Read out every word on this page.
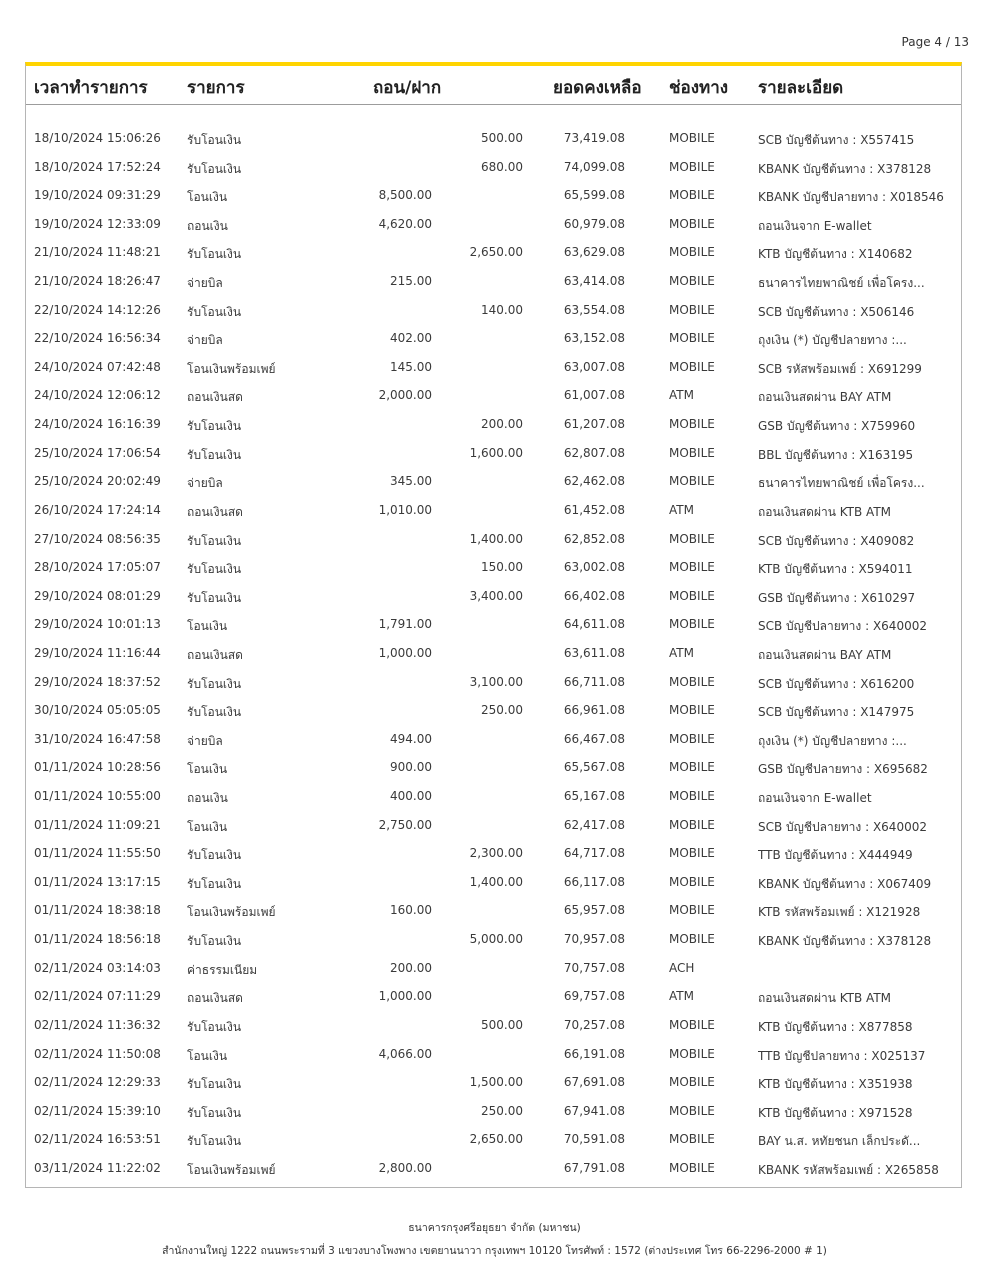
Page 4 / 13
เวลาทำรายการ รายการ	ถอน/ฝาก	ยอดคงเหลือ ช่องทาง รายละเอียด
18/10/2024 15:06:26 รับโอนเงิน	500.00	73,419.08	MOBILE	SCB บัญชีต้นทาง : X557415
18/10/2024 17:52:24 รับโอนเงิน	680.00	74,099.08	MOBILE	KBANK บัญชีต้นทาง : X378128
19/10/2024 09:31:29 โอนเงิน	8,500.00	65,599.08	MOBILE	KBANK บัญชีปลายทาง : X018546
19/10/2024 12:33:09 ถอนเงิน	4,620.00	60,979.08	MOBILE	ถอนเงินจาก E-wallet
21/10/2024 11:48:21 รับโอนเงิน	2,650.00	63,629.08	MOBILE	KTB บัญชีต้นทาง : X140682
21/10/2024 18:26:47 จ่ายบิล	215.00	63,414.08	MOBILE	ธนาคารไทยพาณิชย์ เพื่อโครง...
22/10/2024 14:12:26 รับโอนเงิน	140.00	63,554.08	MOBILE	SCB บัญชีต้นทาง : X506146
22/10/2024 16:56:34 จ่ายบิล	402.00	63,152.08	MOBILE	ถุงเงิน (*) บัญชีปลายทาง :...
24/10/2024 07:42:48 โอนเงินพร้อมเพย์	145.00	63,007.08	MOBILE	SCB รหัสพร้อมเพย์ : X691299
24/10/2024 12:06:12 ถอนเงินสด	2,000.00	61,007.08	ATM	ถอนเงินสดผ่าน BAY ATM
24/10/2024 16:16:39 รับโอนเงิน	200.00	61,207.08	MOBILE	GSB บัญชีต้นทาง : X759960
25/10/2024 17:06:54 รับโอนเงิน	1,600.00	62,807.08	MOBILE	BBL บัญชีต้นทาง : X163195
25/10/2024 20:02:49 จ่ายบิล	345.00	62,462.08	MOBILE	ธนาคารไทยพาณิชย์ เพื่อโครง...
26/10/2024 17:24:14 ถอนเงินสด	1,010.00	61,452.08	ATM	ถอนเงินสดผ่าน KTB ATM
27/10/2024 08:56:35 รับโอนเงิน	1,400.00	62,852.08	MOBILE	SCB บัญชีต้นทาง : X409082
28/10/2024 17:05:07 รับโอนเงิน	150.00	63,002.08	MOBILE	KTB บัญชีต้นทาง : X594011
29/10/2024 08:01:29 รับโอนเงิน	3,400.00	66,402.08	MOBILE	GSB บัญชีต้นทาง : X610297
29/10/2024 10:01:13 โอนเงิน	1,791.00	64,611.08	MOBILE	SCB บัญชีปลายทาง : X640002
29/10/2024 11:16:44 ถอนเงินสด	1,000.00	63,611.08	ATM	ถอนเงินสดผ่าน BAY ATM
29/10/2024 18:37:52 รับโอนเงิน	3,100.00	66,711.08	MOBILE	SCB บัญชีต้นทาง : X616200
30/10/2024 05:05:05 รับโอนเงิน	250.00	66,961.08	MOBILE	SCB บัญชีต้นทาง : X147975
31/10/2024 16:47:58 จ่ายบิล	494.00	66,467.08	MOBILE	ถุงเงิน (*) บัญชีปลายทาง :...
01/11/2024 10:28:56 โอนเงิน	900.00	65,567.08	MOBILE	GSB บัญชีปลายทาง : X695682
01/11/2024 10:55:00 ถอนเงิน	400.00	65,167.08	MOBILE	ถอนเงินจาก E-wallet
01/11/2024 11:09:21 โอนเงิน	2,750.00	62,417.08	MOBILE	SCB บัญชีปลายทาง : X640002
01/11/2024 11:55:50 รับโอนเงิน	2,300.00	64,717.08	MOBILE	TTB บัญชีต้นทาง : X444949
01/11/2024 13:17:15 รับโอนเงิน	1,400.00	66,117.08	MOBILE	KBANK บัญชีต้นทาง : X067409
01/11/2024 18:38:18 โอนเงินพร้อมเพย์	160.00	65,957.08	MOBILE	KTB รหัสพร้อมเพย์ : X121928
01/11/2024 18:56:18 รับโอนเงิน	5,000.00	70,957.08	MOBILE	KBANK บัญชีต้นทาง : X378128
02/11/2024 03:14:03 ค่าธรรมเนียม	200.00	70,757.08	ACH
02/11/2024 07:11:29 ถอนเงินสด	1,000.00	69,757.08	ATM	ถอนเงินสดผ่าน KTB ATM
02/11/2024 11:36:32 รับโอนเงิน	500.00	70,257.08	MOBILE	KTB บัญชีต้นทาง : X877858
02/11/2024 11:50:08 โอนเงิน	4,066.00	66,191.08	MOBILE	TTB บัญชีปลายทาง : X025137
02/11/2024 12:29:33 รับโอนเงิน	1,500.00	67,691.08	MOBILE	KTB บัญชีต้นทาง : X351938
02/11/2024 15:39:10 รับโอนเงิน	250.00	67,941.08	MOBILE	KTB บัญชีต้นทาง : X971528
02/11/2024 16:53:51 รับโอนเงิน	2,650.00	70,591.08	MOBILE	BAY น.ส. หทัยชนก เล็กประดั...
03/11/2024 11:22:02 โอนเงินพร้อมเพย์	2,800.00	67,791.08	MOBILE	KBANK รหัสพร้อมเพย์ : X265858
ธนาคารกรุงศรีอยุธยา จำกัด (มหาชน)
สำนักงานใหญ่ 1222 ถนนพระรามที่ 3 แขวงบางโพงพาง เขตยานนาวา กรุงเทพฯ 10120 โทรศัพท์ : 1572 (ต่างประเทศ โทร 66-2296-2000 # 1)
